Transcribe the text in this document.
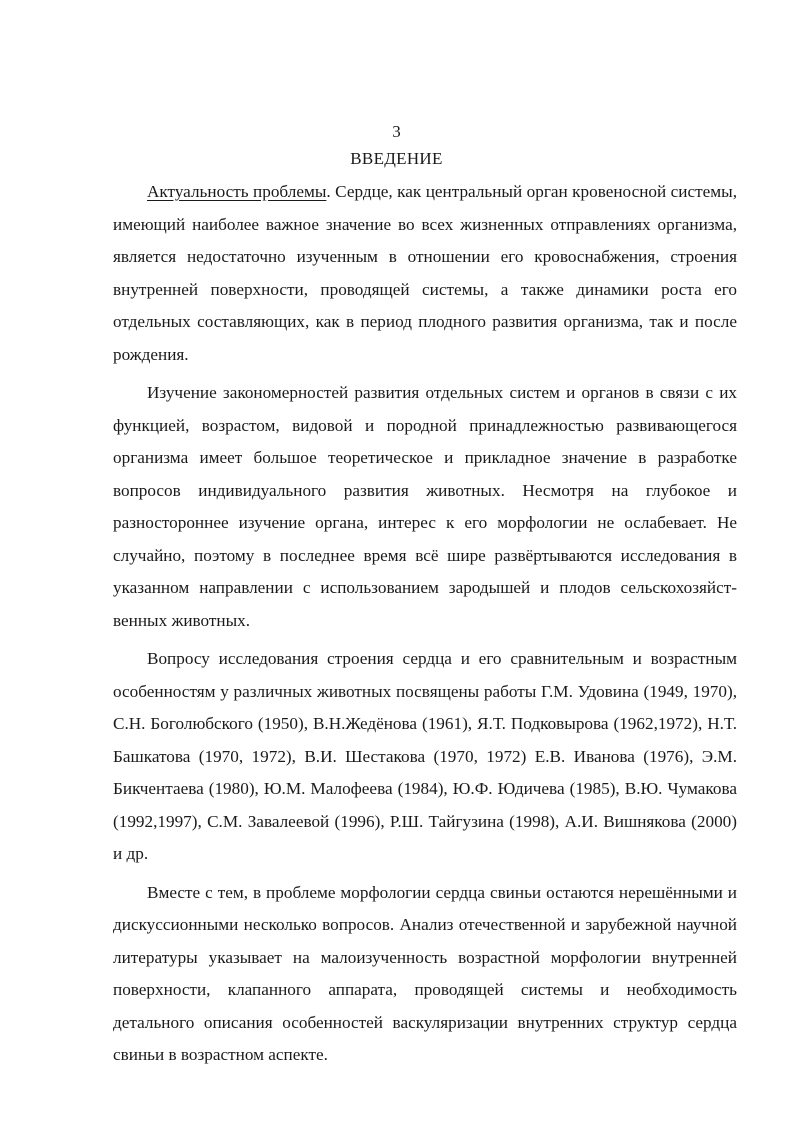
3
ВВЕДЕНИЕ

Актуальность проблемы. Сердце, как центральный орган кровеносной системы, имеющий наиболее важное значение во всех жизненных отправлениях организма, является недостаточно изученным в отношении его кровоснабжения, строения внутренней поверхности, проводящей системы, а также динамики роста его отдельных составляющих, как в период плодного развития организма, так и после рождения.

Изучение закономерностей развития отдельных систем и органов в связи с их функцией, возрастом, видовой и породной принадлежностью развивающегося организма имеет большое теоретическое и прикладное значение в разработке вопросов индивидуального развития животных. Несмотря на глубокое и разностороннее изучение органа, интерес к его морфологии не ослабевает. Не случайно, поэтому в последнее время всё шире развёртываются исследования в указанном направлении с использованием зародышей и плодов сельскохозяйственных животных.

Вопросу исследования строения сердца и его сравнительным и возрастным особенностям у различных животных посвящены работы Г.М. Удовина (1949, 1970), С.Н. Боголюбского (1950), В.Н.Жедёнова (1961), Я.Т. Подковырова (1962,1972), Н.Т. Башкатова (1970, 1972), В.И. Шестакова (1970, 1972) Е.В. Иванова (1976), Э.М. Бикчентаева (1980), Ю.М. Малофеева (1984), Ю.Ф. Юдичева (1985), В.Ю. Чумакова (1992,1997), С.М. Завалеевой (1996), Р.Ш. Тайгузина (1998), А.И. Вишнякова (2000) и др.

Вместе с тем, в проблеме морфологии сердца свиньи остаются нерешёнными и дискуссионными несколько вопросов. Анализ отечественной и зарубежной научной литературы указывает на малоизученность возрастной морфологии внутренней поверхности, клапанного аппарата, проводящей системы и необходимость детального описания особенностей васкуляризации внутренних структур сердца свиньи в возрастном аспекте.
